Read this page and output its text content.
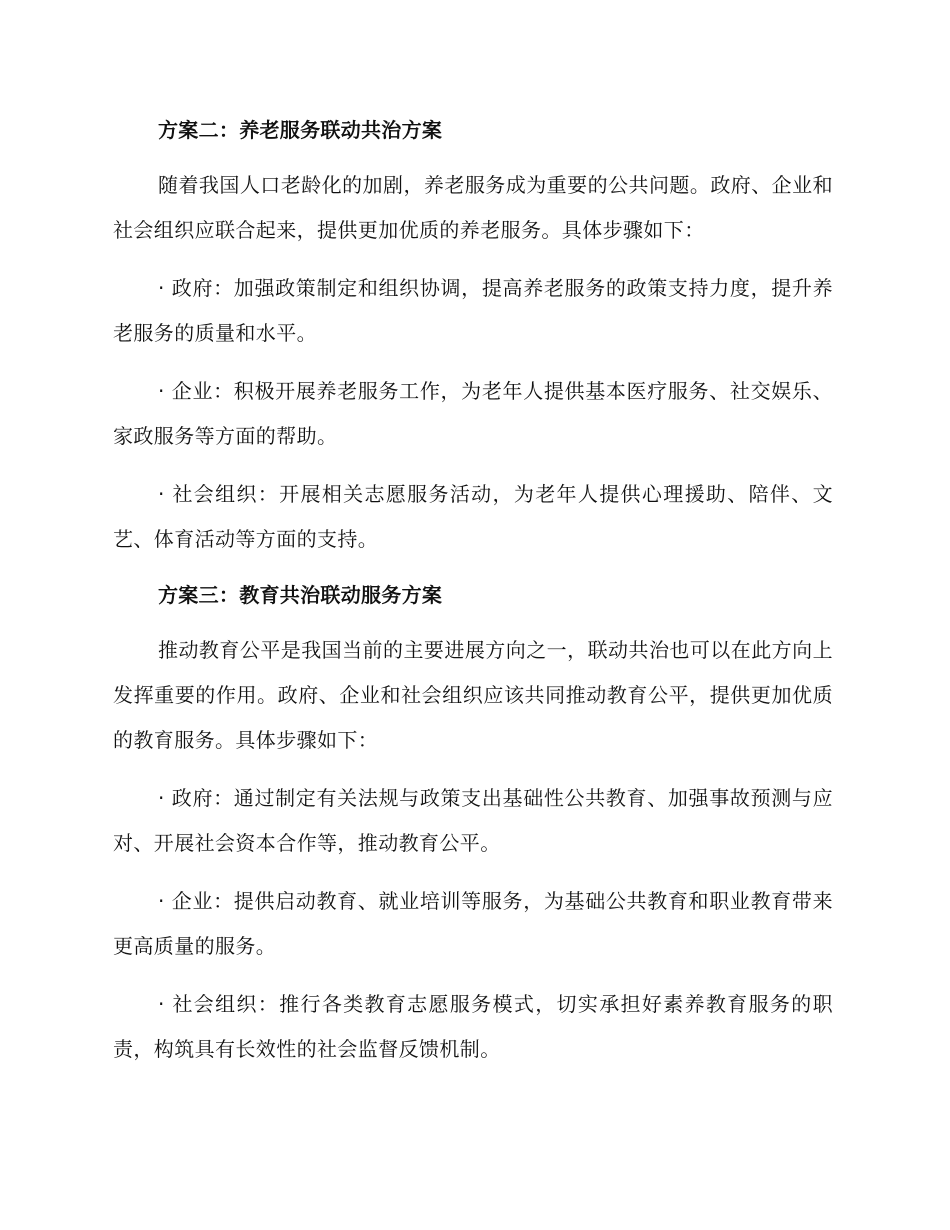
方案二：养老服务联动共治方案

随着我国人口老龄化的加剧，养老服务成为重要的公共问题。政府、企业和社会组织应联合起来，提供更加优质的养老服务。具体步骤如下：

· 政府：加强政策制定和组织协调，提高养老服务的政策支持力度，提升养老服务的质量和水平。

· 企业：积极开展养老服务工作，为老年人提供基本医疗服务、社交娱乐、家政服务等方面的帮助。

· 社会组织：开展相关志愿服务活动，为老年人提供心理援助、陪伴、文艺、体育活动等方面的支持。

方案三：教育共治联动服务方案

推动教育公平是我国当前的主要进展方向之一，联动共治也可以在此方向上发挥重要的作用。政府、企业和社会组织应该共同推动教育公平，提供更加优质的教育服务。具体步骤如下：

· 政府：通过制定有关法规与政策支出基础性公共教育、加强事故预测与应对、开展社会资本合作等，推动教育公平。

· 企业：提供启动教育、就业培训等服务，为基础公共教育和职业教育带来更高质量的服务。

· 社会组织：推行各类教育志愿服务模式，切实承担好素养教育服务的职责，构筑具有长效性的社会监督反馈机制。
